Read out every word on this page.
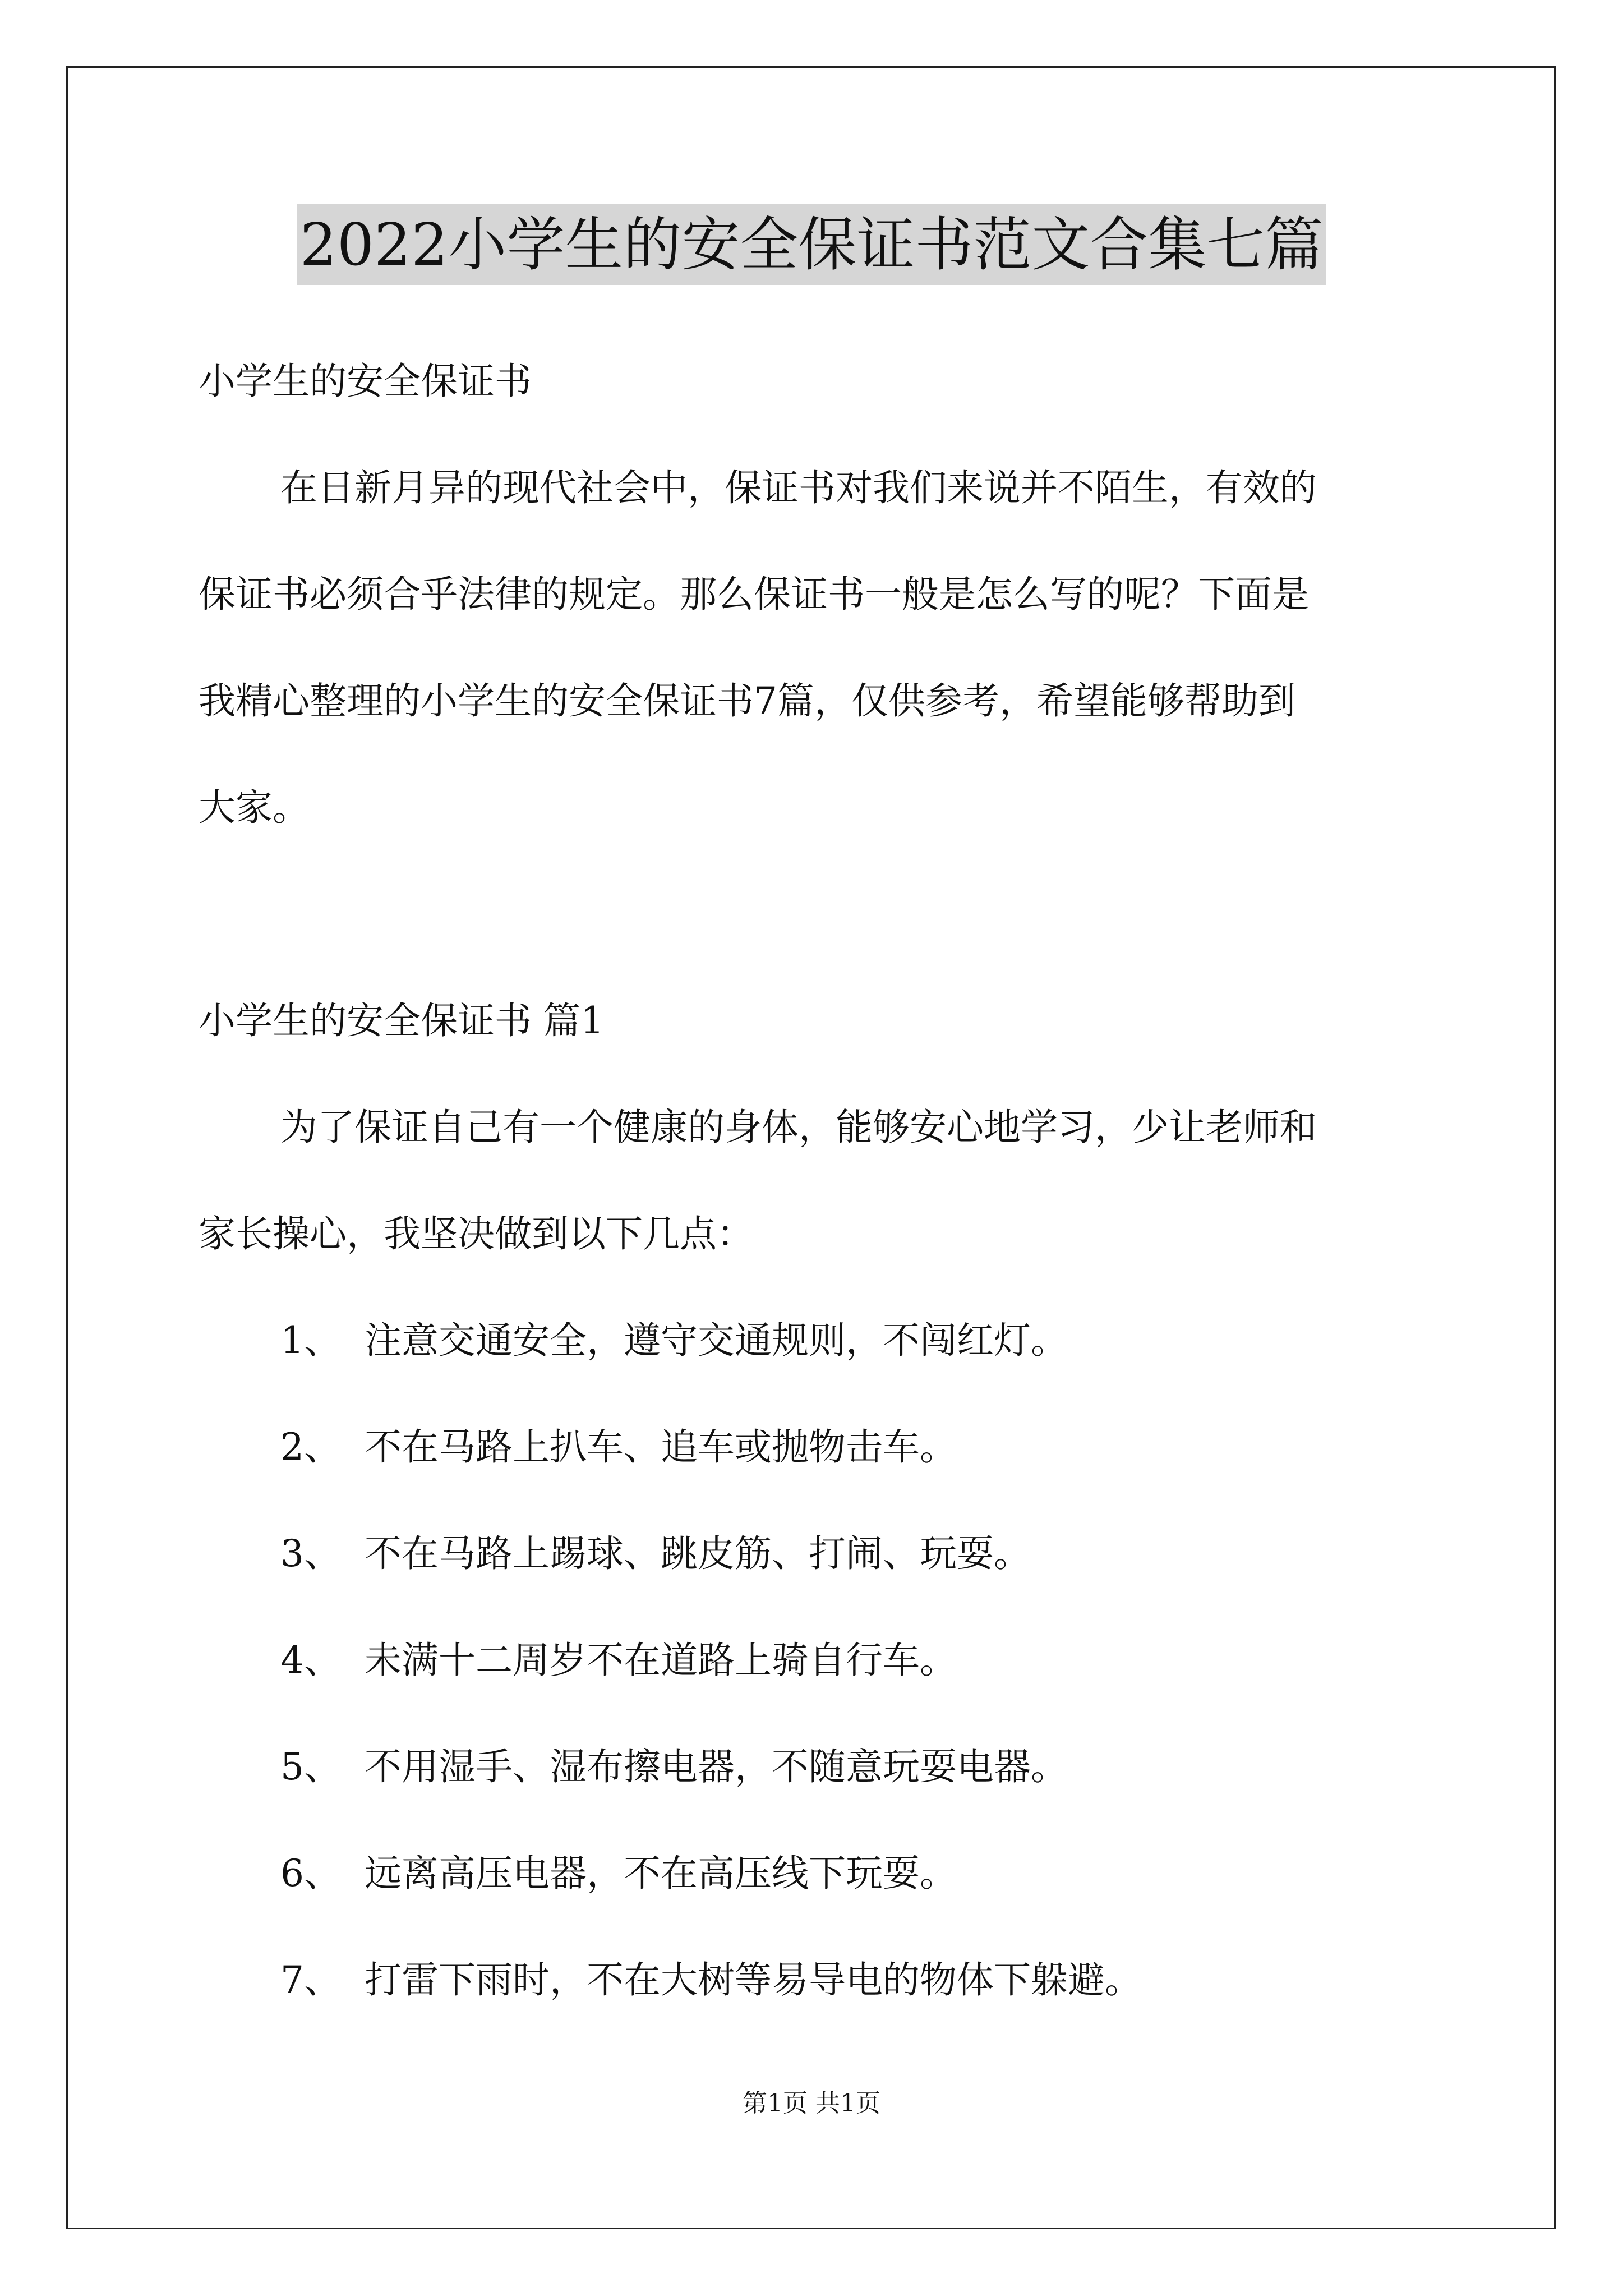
2022小学生的安全保证书范文合集七篇
小学生的安全保证书
在日新月异的现代社会中，保证书对我们来说并不陌生，有效的
保证书必须合乎法律的规定。那么保证书一般是怎么写的呢？下面是
我精心整理的小学生的安全保证书7篇，仅供参考，希望能够帮助到
大家。
小学生的安全保证书 篇1
为了保证自己有一个健康的身体，能够安心地学习，少让老师和
家长操心，我坚决做到以下几点：
1、 注意交通安全，遵守交通规则，不闯红灯。
2、 不在马路上扒车、追车或抛物击车。
3、 不在马路上踢球、跳皮筋、打闹、玩耍。
4、 未满十二周岁不在道路上骑自行车。
5、 不用湿手、湿布擦电器，不随意玩耍电器。
6、 远离高压电器，不在高压线下玩耍。
7、 打雷下雨时，不在大树等易导电的物体下躲避。
第1页 共1页
